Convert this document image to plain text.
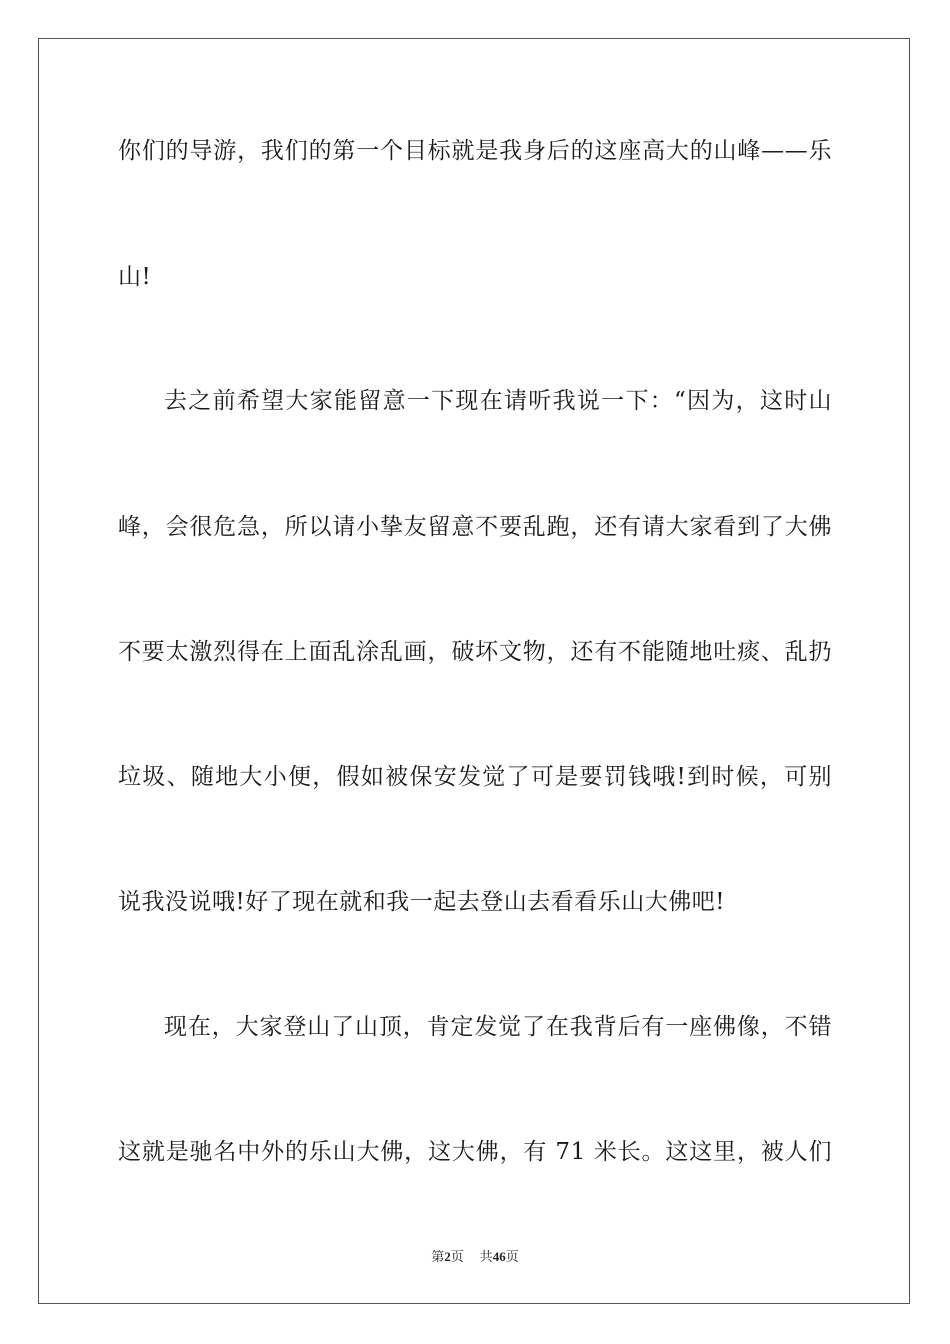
你们的导游，我们的第一个目标就是我身后的这座高大的山峰——乐
山!
去之前希望大家能留意一下现在请听我说一下：“因为，这时山
峰，会很危急，所以请小挚友留意不要乱跑，还有请大家看到了大佛
不要太激烈得在上面乱涂乱画，破坏文物，还有不能随地吐痰、乱扔
垃圾、随地大小便，假如被保安发觉了可是要罚钱哦!到时候，可别
说我没说哦!好了现在就和我一起去登山去看看乐山大佛吧!
现在，大家登山了山顶，肯定发觉了在我背后有一座佛像，不错
这就是驰名中外的乐山大佛，这大佛，有 71 米长。这这里，被人们
第2页 共46页
